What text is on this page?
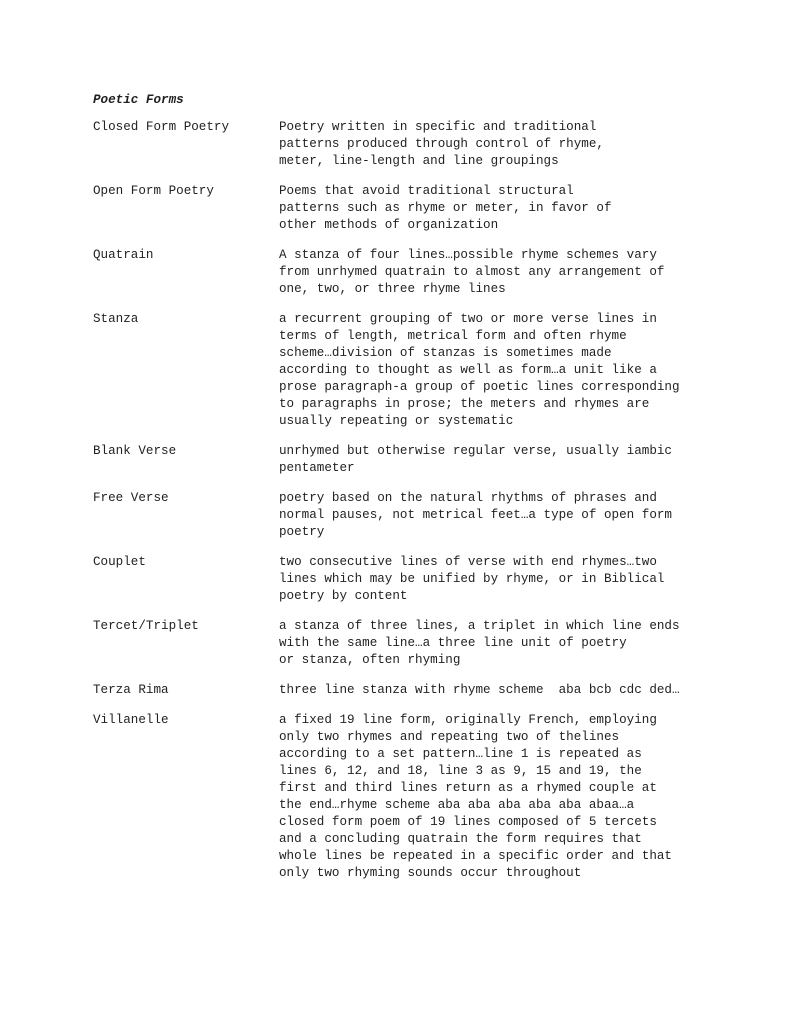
Poetic Forms
Closed Form Poetry	Poetry written in specific and traditional
patterns produced through control of rhyme,
meter, line-length and line groupings
Open Form Poetry	Poems that avoid traditional structural
patterns such as rhyme or meter, in favor of
other methods of organization
Quatrain	A stanza of four lines…possible rhyme schemes vary
from unrhymed quatrain to almost any arrangement of
one, two, or three rhyme lines
Stanza	a recurrent grouping of two or more verse lines in
terms of length, metrical form and often rhyme
scheme…division of stanzas is sometimes made
according to thought as well as form…a unit like a
prose paragraph-a group of poetic lines corresponding
to paragraphs in prose; the meters and rhymes are
usually repeating or systematic
Blank Verse	unrhymed but otherwise regular verse, usually iambic
pentameter
Free Verse	poetry based on the natural rhythms of phrases and
normal pauses, not metrical feet…a type of open form
poetry
Couplet	two consecutive lines of verse with end rhymes…two
lines which may be unified by rhyme, or in Biblical
poetry by content
Tercet/Triplet	a stanza of three lines, a triplet in which line ends
with the same line…a three line unit of poetry
or stanza, often rhyming
Terza Rima	three line stanza with rhyme scheme  aba bcb cdc ded…
Villanelle	a fixed 19 line form, originally French, employing
only two rhymes and repeating two of thelines
according to a set pattern…line 1 is repeated as
lines 6, 12, and 18, line 3 as 9, 15 and 19, the
first and third lines return as a rhymed couple at
the end…rhyme scheme aba aba aba aba aba abaa…a
closed form poem of 19 lines composed of 5 tercets
and a concluding quatrain the form requires that
whole lines be repeated in a specific order and that
only two rhyming sounds occur throughout
